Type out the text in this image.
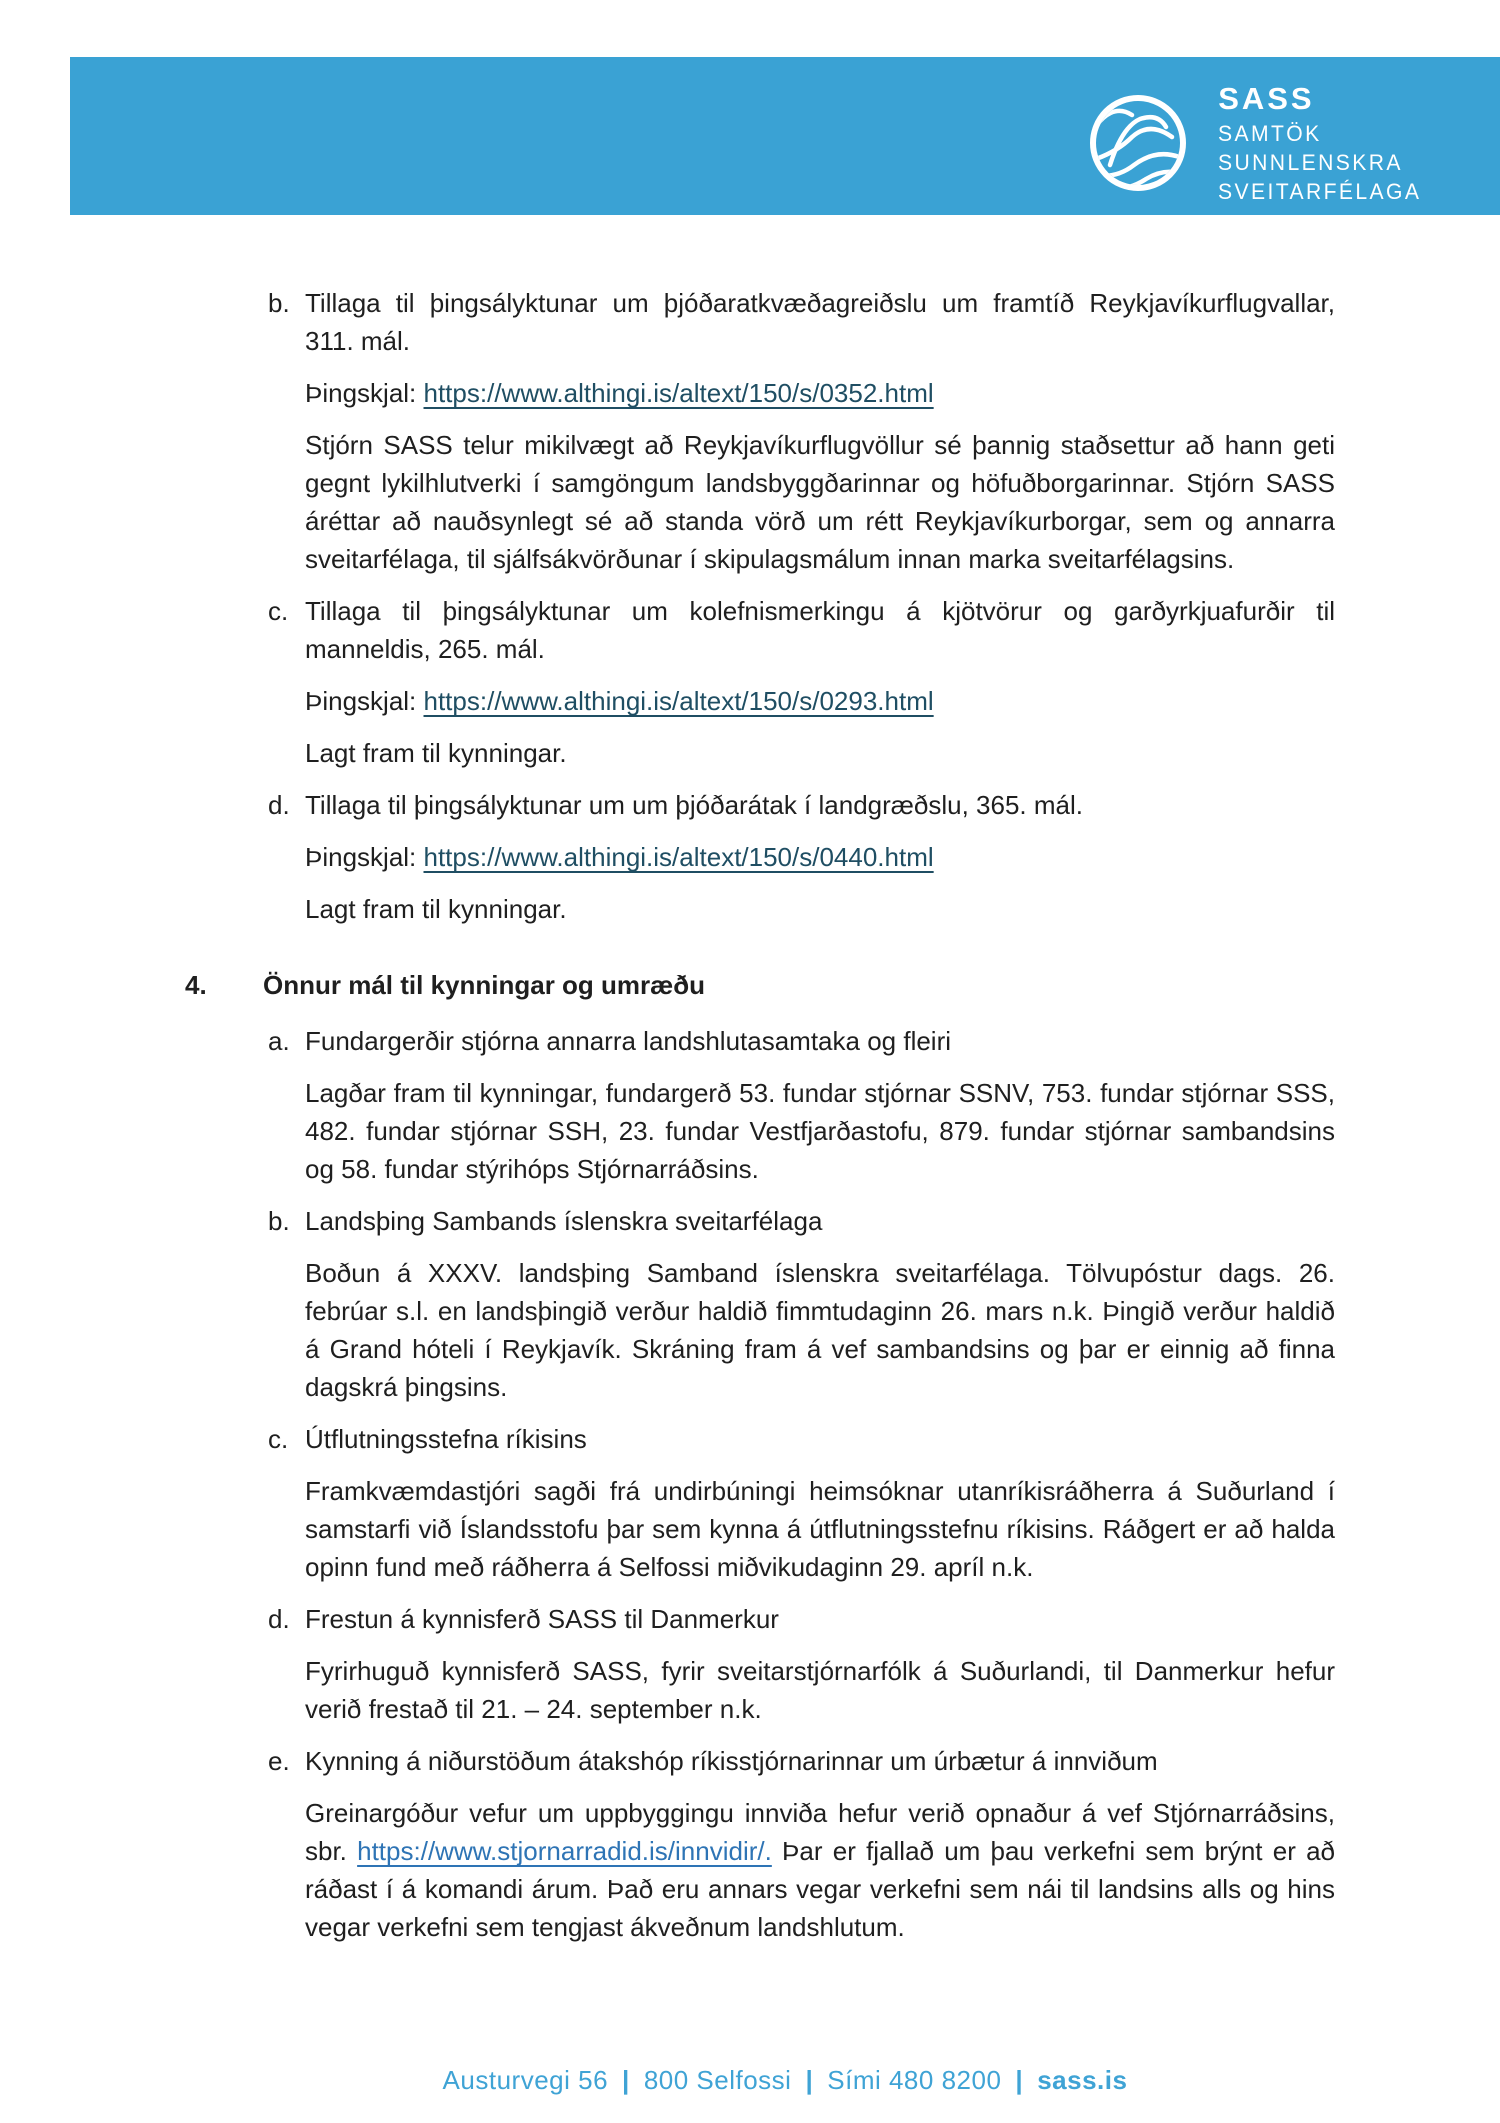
SASS
SAMTÖK
SUNNLENSKRA
SVEITARFÉLAGA
b. Tillaga til þingsályktunar um þjóðaratkvæðagreiðslu um framtíð Reykjavíkurflugvallar, 311. mál.
Þingskjal: https://www.althingi.is/altext/150/s/0352.html
Stjórn SASS telur mikilvægt að Reykjavíkurflugvöllur sé þannig staðsettur að hann geti gegnt lykilhlutverki í samgöngum landsbyggðarinnar og höfuðborgarinnar. Stjórn SASS áréttar að nauðsynlegt sé að standa vörð um rétt Reykjavíkurborgar, sem og annarra sveitarfélaga, til sjálfsákvörðunar í skipulagsmálum innan marka sveitarfélagsins.
c. Tillaga til þingsályktunar um kolefnismerkingu á kjötvörur og garðyrkjuafurðir til manneldis, 265. mál.
Þingskjal: https://www.althingi.is/altext/150/s/0293.html
Lagt fram til kynningar.
d. Tillaga til þingsályktunar um um þjóðarátak í landgræðslu, 365. mál.
Þingskjal: https://www.althingi.is/altext/150/s/0440.html
Lagt fram til kynningar.
4.	Önnur mál til kynningar og umræðu
a. Fundargerðir stjórna annarra landshlutasamtaka og fleiri
Lagðar fram til kynningar, fundargerð 53. fundar stjórnar SSNV, 753. fundar stjórnar SSS, 482. fundar stjórnar SSH, 23. fundar Vestfjarðastofu, 879. fundar stjórnar sambandsins og 58. fundar stýrihóps Stjórnarráðsins.
b. Landsþing Sambands íslenskra sveitarfélaga
Boðun á XXXV. landsþing Samband íslenskra sveitarfélaga. Tölvupóstur dags. 26. febrúar s.l. en landsþingið verður haldið fimmtudaginn 26. mars n.k. Þingið verður haldið á Grand hóteli í Reykjavík. Skráning fram á vef sambandsins og þar er einnig að finna dagskrá þingsins.
c. Útflutningsstefna ríkisins
Framkvæmdastjóri sagði frá undirbúningi heimsóknar utanríkisráðherra á Suðurland í samstarfi við Íslandsstofu þar sem kynna á útflutningsstefnu ríkisins. Ráðgert er að halda opinn fund með ráðherra á Selfossi miðvikudaginn 29. apríl n.k.
d. Frestun á kynnisferð SASS til Danmerkur
Fyrirhuguð kynnisferð SASS, fyrir sveitarstjórnarfólk á Suðurlandi, til Danmerkur hefur verið frestað til 21. – 24. september n.k.
e. Kynning á niðurstöðum átakshóp ríkisstjórnarinnar um úrbætur á innviðum
Greinargóður vefur um uppbyggingu innviða hefur verið opnaður á vef Stjórnarráðsins, sbr. https://www.stjornarradid.is/innvidir/. Þar er fjallað um þau verkefni sem brýnt er að ráðast í á komandi árum. Það eru annars vegar verkefni sem nái til landsins alls og hins vegar verkefni sem tengjast ákveðnum landshlutum.
Austurvegi 56 | 800 Selfossi | Sími 480 8200 | sass.is
